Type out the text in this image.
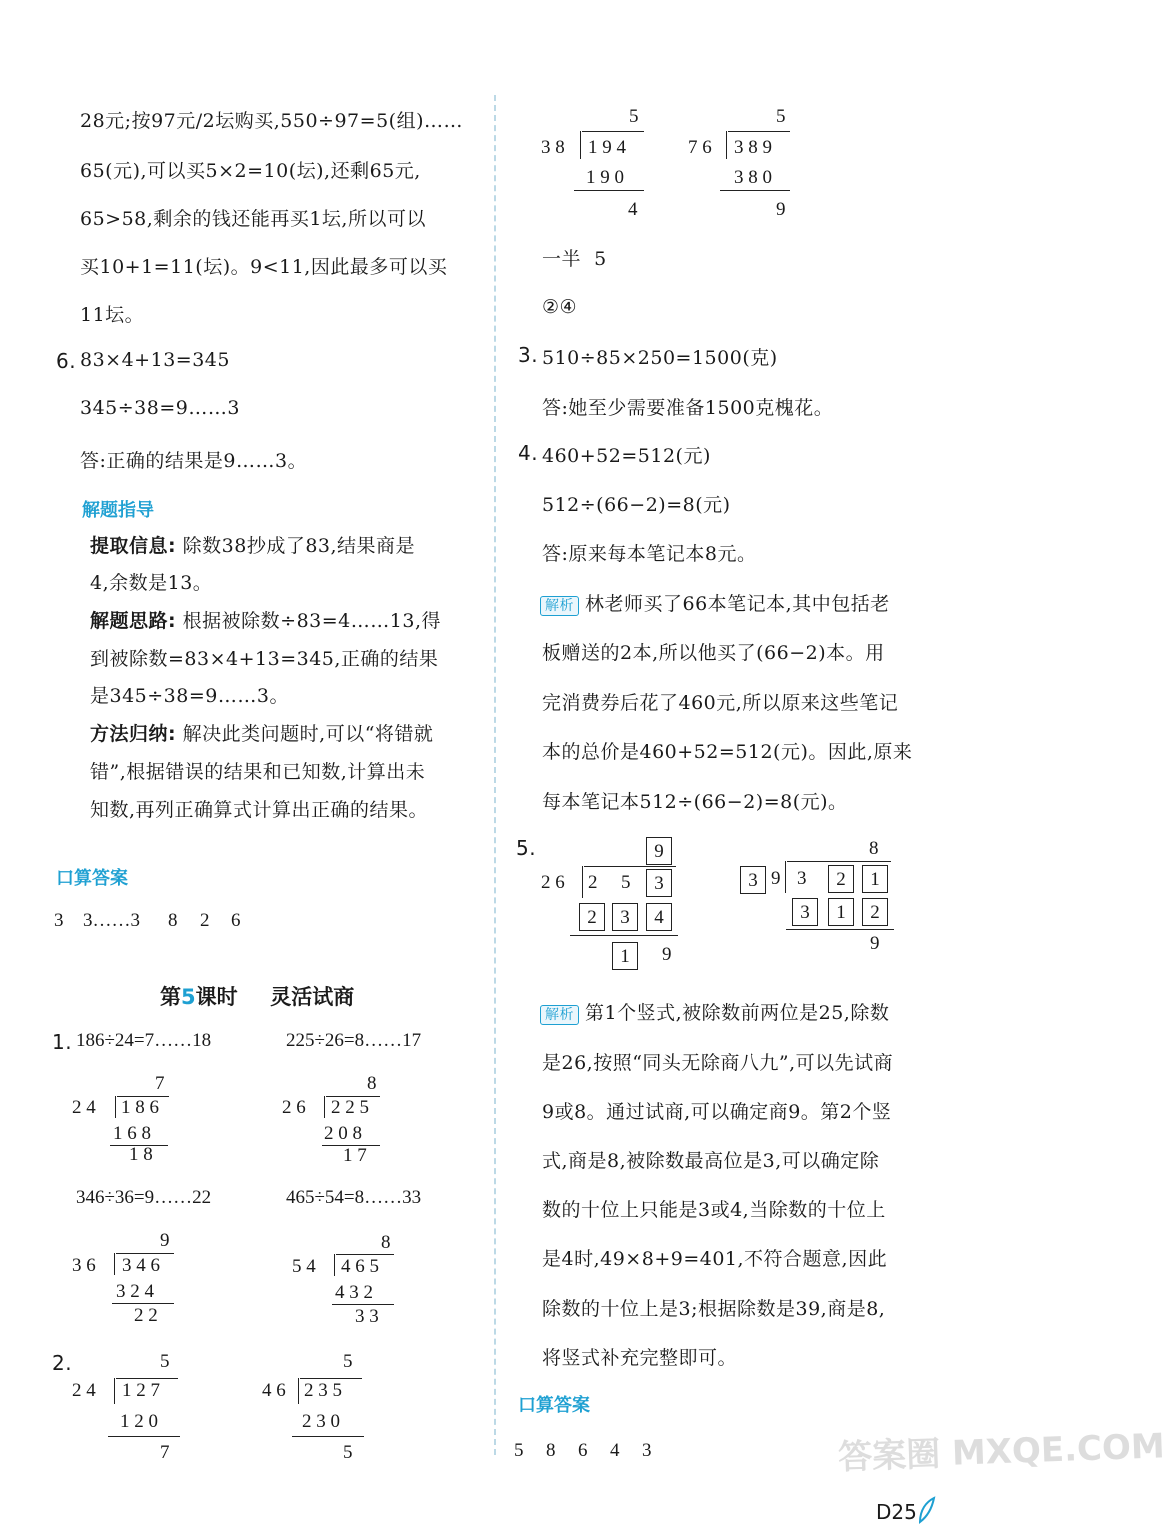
28元;按97元/2坛购买,550÷97=5(组)……
65(元),可以买5×2=10(坛),还剩65元,
65>58,剩余的钱还能再买1坛,所以可以
买10+1=11(坛)。9<11,因此最多可以买
11坛。
6. 83×4+13=345
345÷38=9……3
答:正确的结果是9……3。
解题指导
提取信息: 除数38抄成了83,结果商是
4,余数是13。
解题思路: 根据被除数÷83=4……13,得
到被除数=83×4+13=345,正确的结果
是345÷38=9……3。
方法归纳: 解决此类问题时,可以“将错就
错”,根据错误的结果和已知数,计算出未
知数,再列正确算式计算出正确的结果。
口算答案
3 3……3 8 2 6
第5课时 灵活试商
1. 186÷24=7……18	225÷26=8……17
7
2 4 1 8 6
1 6 8
1 8
8
2 6 2 2 5
2 0 8
1 7
346÷36=9……22	465÷54=8……33
9
3 6 3 4 6
3 2 4
2 2
8
5 4 4 6 5
4 3 2
3 3
2.	5
2 4 1 2 7
1 2 0
7
5
4 6 2 3 5
2 3 0
5
5
3 8 1 9 4
1 9 0
4
5
7 6 3 8 9
3 8 0
9
一半  5
②④
3. 510÷85×250=1500(克)
答:她至少需要准备1500克槐花。
4. 460+52=512(元)
512÷(66−2)=8(元)
答:原来每本笔记本8元。
解析 林老师买了66本笔记本,其中包括老
板赠送的2本,所以他买了(66−2)本。用
完消费券后花了460元,所以原来这些笔记
本的总价是460+52=512(元)。因此,原来
每本笔记本512÷(66−2)=8(元)。
5.	9
2 6 2 5	3
2	3	4
1	9
8
3 9 3	2	1
3	1	2
9
解析 第1个竖式,被除数前两位是25,除数
是26,按照“同头无除商八九”,可以先试商
9或8。通过试商,可以确定商9。第2个竖
式,商是8,被除数最高位是3,可以确定除
数的十位上只能是3或4,当除数的十位上
是4时,49×8+9=401,不符合题意,因此
除数的十位上是3;根据除数是39,商是8,
将竖式补充完整即可。
口算答案
5 8 6 4 3	答案圈 MXQE.COM
D25
